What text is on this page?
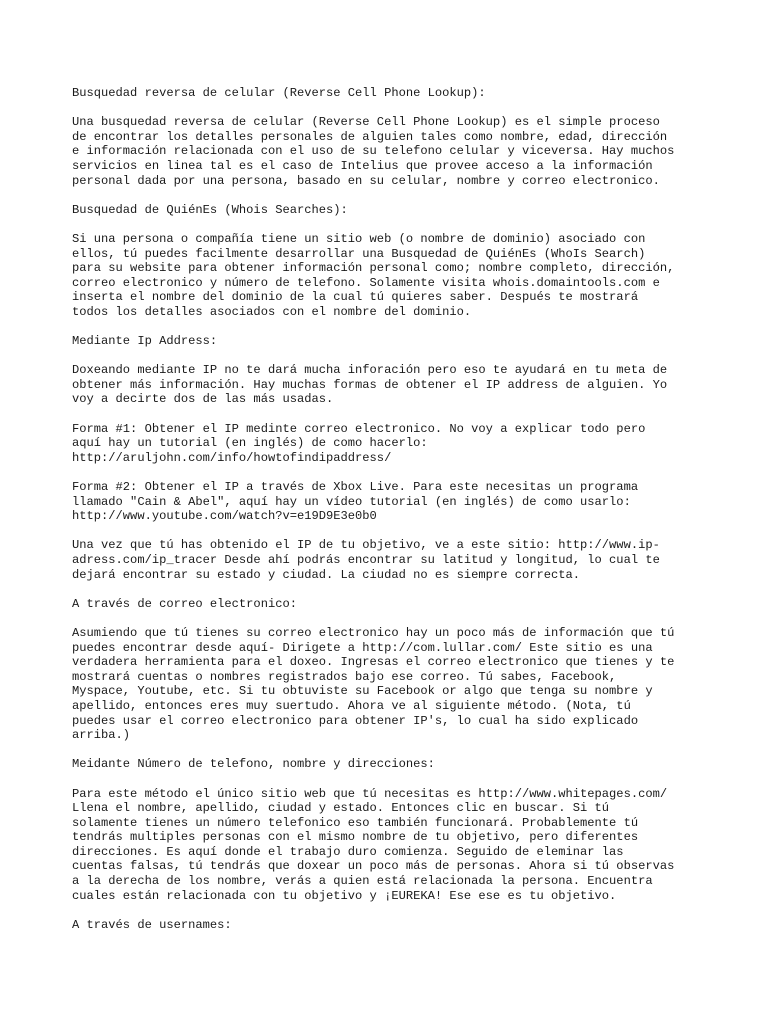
Busquedad reversa de celular (Reverse Cell Phone Lookup):

Una busquedad reversa de celular (Reverse Cell Phone Lookup) es el simple proceso
de encontrar los detalles personales de alguien tales como nombre, edad, dirección
e información relacionada con el uso de su telefono celular y viceversa. Hay muchos
servicios en linea tal es el caso de Intelius que provee acceso a la información
personal dada por una persona, basado en su celular, nombre y correo electronico.

Busquedad de QuiénEs (Whois Searches):

Si una persona o compañía tiene un sitio web (o nombre de dominio) asociado con
ellos, tú puedes facilmente desarrollar una Busquedad de QuiénEs (WhoIs Search)
para su website para obtener información personal como; nombre completo, dirección,
correo electronico y número de telefono. Solamente visita whois.domaintools.com e
inserta el nombre del dominio de la cual tú quieres saber. Después te mostrará
todos los detalles asociados con el nombre del dominio.

Mediante Ip Address:

Doxeando mediante IP no te dará mucha inforación pero eso te ayudará en tu meta de
obtener más información. Hay muchas formas de obtener el IP address de alguien. Yo
voy a decirte dos de las más usadas.

Forma #1: Obtener el IP medinte correo electronico. No voy a explicar todo pero
aquí hay un tutorial (en inglés) de como hacerlo:
http://aruljohn.com/info/howtofindipaddress/

Forma #2: Obtener el IP a través de Xbox Live. Para este necesitas un programa
llamado "Cain & Abel", aquí hay un vídeo tutorial (en inglés) de como usarlo:
http://www.youtube.com/watch?v=e19D9E3e0b0

Una vez que tú has obtenido el IP de tu objetivo, ve a este sitio: http://www.ip-
adress.com/ip_tracer Desde ahí podrás encontrar su latitud y longitud, lo cual te
dejará encontrar su estado y ciudad. La ciudad no es siempre correcta.

A través de correo electronico:

Asumiendo que tú tienes su correo electronico hay un poco más de información que tú
puedes encontrar desde aquí- Dirigete a http://com.lullar.com/ Este sitio es una
verdadera herramienta para el doxeo. Ingresas el correo electronico que tienes y te
mostrará cuentas o nombres registrados bajo ese correo. Tú sabes, Facebook,
Myspace, Youtube, etc. Si tu obtuviste su Facebook or algo que tenga su nombre y
apellido, entonces eres muy suertudo. Ahora ve al siguiente método. (Nota, tú
puedes usar el correo electronico para obtener IP's, lo cual ha sido explicado
arriba.)

Meidante Número de telefono, nombre y direcciones:

Para este método el único sitio web que tú necesitas es http://www.whitepages.com/
Llena el nombre, apellido, ciudad y estado. Entonces clic en buscar. Si tú
solamente tienes un número telefonico eso también funcionará. Probablemente tú
tendrás multiples personas con el mismo nombre de tu objetivo, pero diferentes
direcciones. Es aquí donde el trabajo duro comienza. Seguido de eleminar las
cuentas falsas, tú tendrás que doxear un poco más de personas. Ahora si tú observas
a la derecha de los nombre, verás a quien está relacionada la persona. Encuentra
cuales están relacionada con tu objetivo y ¡EUREKA! Ese ese es tu objetivo.

A través de usernames:
